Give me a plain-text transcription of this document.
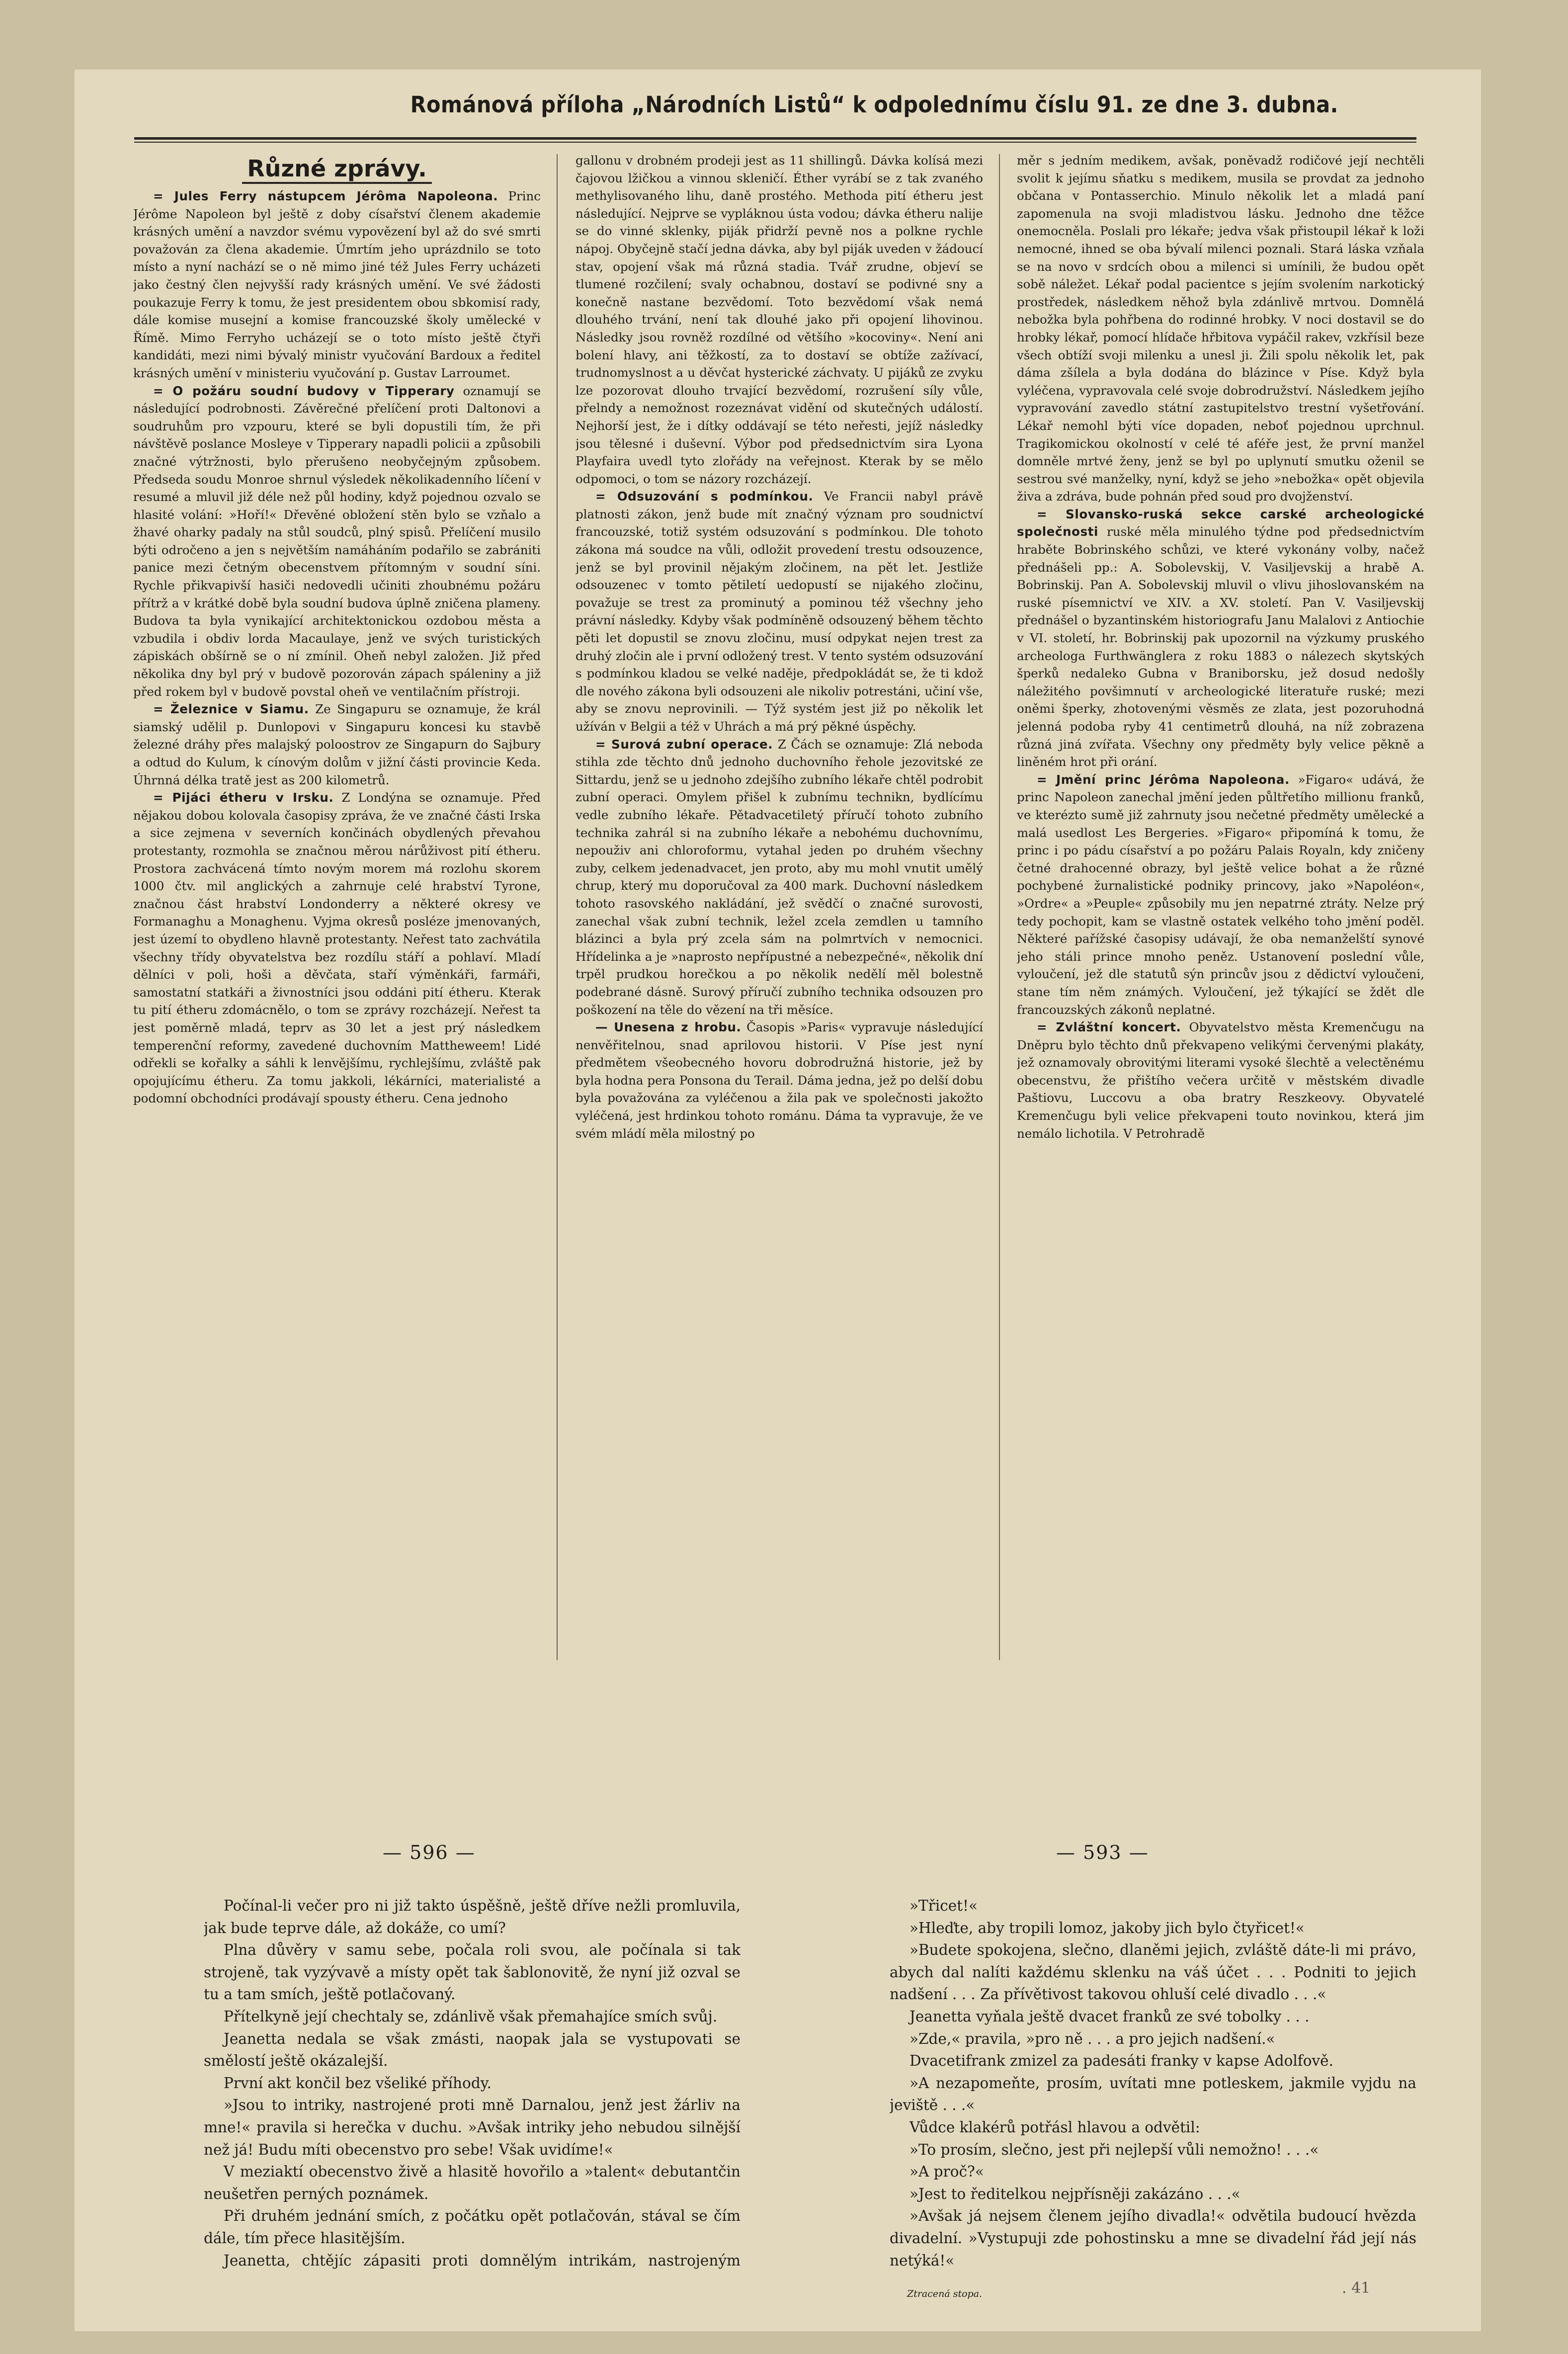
Románová příloha „Národních Listů“ k odpolednímu číslu 91. ze dne 3. dubna.
Různé zprávy.

= Jules Ferry nástupcem Jérôma Napoleona. Princ Jérôme Napoleon byl ještě z doby císařství členem akademie krásných umění a navzdor svému vypovězení byl až do své smrti považován za člena akademie. Úmrtím jeho uprázdnilo se toto místo a nyní nachází se o ně mimo jiné též Jules Ferry ucházeti jako čestný člen nejvyšší rady krásných umění. Ve své žádosti poukazuje Ferry k tomu, že jest presidentem obou sbkomisí rady, dále komise musejní a komise francouzské školy umělecké v Římě. Mimo Ferryho ucházejí se o toto místo ještě čtyři kandidáti, mezi nimi bývalý ministr vyučování Bardoux a ředitel krásných umění v ministeriu vyučování p. Gustav Larroumet.

= O požáru soudní budovy v Tipperary oznamují se následující podrobnosti. Závěrečné přelíčení proti Daltonovi a soudruhům pro vzpouru, které se byli dopustili tím, že při návštěvě poslance Mosleye v Tipperary napadli policii a způsobili značné výtržnosti, bylo přerušeno neobyčejným způsobem. Předseda soudu Monroe shrnul výsledek několikadenního líčení v resumé a mluvil již déle než půl hodiny, když pojednou ozvalo se hlasité volání: »Hoří!« Dřevěné obložení stěn bylo se vzňalo a žhavé oharky padaly na stůl soudců, plný spisů. Přelíčení musilo býti odročeno a jen s největším namáháním podařilo se zabrániti panice mezi četným obecenstvem přítomným v soudní síni. Rychle přikvapivší hasiči nedovedli učiniti zhoubnému požáru přítrž a v krátké době byla soudní budova úplně zničena plameny. Budova ta byla vynikající architektonickou ozdobou města a vzbudila i obdiv lorda Macaulaye, jenž ve svých turistických zápiskách obšírně se o ní zmínil. Oheň nebyl založen. Již před několika dny byl prý v budově pozorován zápach spáleniny a již před rokem byl v budově povstal oheň ve ventilačním přístroji.

= Železnice v Siamu. Ze Singapuru se oznamuje, že král siamský udělil p. Dunlopovi v Singapuru koncesi ku stavbě železné dráhy přes malajský poloostrov ze Singapurn do Sajbury a odtud do Kulum, k cínovým dolům v jižní části provincie Keda. Úhrnná délka tratě jest as 200 kilometrů.

= Pijáci étheru v Irsku. Z Londýna se oznamuje. Před nějakou dobou kolovala časopisy zpráva, že ve značné části Irska a sice zejmena v severních končinách obydlených převahou protestanty, rozmohla se značnou měrou nárůživost pití étheru. Prostora zachvácená tímto novým morem má rozlohu skorem 1000 čtv. mil anglických a zahrnuje celé hrabství Tyrone, značnou část hrabství Londonderry a některé okresy ve Formanaghu a Monaghenu. Vyjma okresů posléze jmenovaných, jest území to obydleno hlavně protestanty. Neřest tato zachvátila všechny třídy obyvatelstva bez rozdílu stáří a pohlaví. Mladí dělníci v poli, hoši a děvčata, staří výměnkáři, farmáři, samostatní statkáři a živnostníci jsou oddáni pití étheru. Kterak tu pití étheru zdomácnělo, o tom se zprávy rozcházejí. Neřest ta jest poměrně mladá, teprv as 30 let a jest prý následkem temperenční reformy, zavedené duchovním Mattheweem! Lidé odřekli se kořalky a sáhli k lenvějšímu, rychlejšímu, zvláště pak opojujícímu étheru. Za tomu jakkoli, lékárníci, materialisté a podomní obchodníci prodávají spousty étheru. Cena jednoho

gallonu v drobném prodeji jest as 11 shillingů. Dávka kolísá mezi čajovou lžičkou a vinnou skleničí. Éther vyrábí se z tak zvaného methylisovaného lihu, daně prostého. Methoda pití étheru jest následující. Nejprve se vypláknou ústa vodou; dávka étheru nalije se do vinné sklenky, piják přidrží pevně nos a polkne rychle nápoj. Obyčejně stačí jedna dávka, aby byl piják uveden v žádoucí stav, opojení však má různá stadia. Tvář zrudne, objeví se tlumené rozčilení; svaly ochabnou, dostaví se podivné sny a konečně nastane bezvědomí. Toto bezvědomí však nemá dlouhého trvání, není tak dlouhé jako při opojení lihovinou. Následky jsou rovněž rozdílné od většího »kocoviny«. Není ani bolení hlavy, ani těžkostí, za to dostaví se obtíže zažívací, trudnomyslnost a u děvčat hysterické záchvaty. U pijáků ze zvyku lze pozorovat dlouho trvající bezvědomí, rozrušení síly vůle, přelndy a nemožnost rozeznávat vidění od skutečných událostí. Nejhorší jest, že i dítky oddávají se této neřesti, jejíž následky jsou tělesné i duševní. Výbor pod předsednictvím sira Lyona Playfaira uvedl tyto zlořády na veřejnost. Kterak by se mělo odpomoci, o tom se názory rozcházejí.

= Odsuzování s podmínkou. Ve Francii nabyl právě platnosti zákon, jenž bude mít značný význam pro soudnictví francouzské, totiž systém odsuzování s podmínkou. Dle tohoto zákona má soudce na vůli, odložit provedení trestu odsouzence, jenž se byl provinil nějakým zločinem, na pět let. Jestliže odsouzenec v tomto pětiletí uedopustí se nijakého zločinu, považuje se trest za prominutý a pominou též všechny jeho právní následky. Kdyby však podmíněně odsouzený během těchto pěti let dopustil se znovu zločinu, musí odpykat nejen trest za druhý zločin ale i první odložený trest. V tento systém odsuzování s podmínkou kladou se velké naděje, předpokládát se, že ti kdož dle nového zákona byli odsouzeni ale nikoliv potrestáni, učiní vše, aby se znovu neprovinili. — Týž systém jest již po několik let užíván v Belgii a též v Uhrách a má prý pěkné úspěchy.

= Surová zubní operace. Z Čách se oznamuje: Zlá neboda stihla zde těchto dnů jednoho duchovního řehole jezovitské ze Sittardu, jenž se u jednoho zdejšího zubního lékaře chtěl podrobit zubní operaci. Omylem přišel k zubnímu technikn, bydlícímu vedle zubního lékaře. Pětadvacetiletý příručí tohoto zubního technika zahrál si na zubního lékaře a nebohému duchovnímu, nepouživ ani chloroformu, vytahal jeden po druhém všechny zuby, celkem jedenadvacet, jen proto, aby mu mohl vnutit umělý chrup, který mu doporučoval za 400 mark. Duchovní následkem tohoto rasovského nakládání, jež svědčí o značné surovosti, zanechal však zubní technik, ležel zcela zemdlen u tamního blázinci a byla prý zcela sám na polmrtvích v nemocnici. Hřídelinka a je »naprosto nepřípustné a nebezpečné«, několik dní trpěl prudkou horečkou a po několik nedělí měl bolestně podebrané dásně. Surový příručí zubního technika odsouzen pro poškození na těle do vězení na tři měsíce.

— Unesena z hrobu. Časopis »Paris« vypravuje následující nenvěřitelnou, snad aprilovou historii. V Píse jest nyní předmětem všeobecného hovoru dobrodružná historie, jež by byla hodna pera Ponsona du Terail. Dáma jedna, jež po delší dobu byla považována za vyléčenou a žila pak ve společnosti jakožto vyléčená, jest hrdinkou tohoto románu. Dáma ta vypravuje, že ve svém mládí měla milostný po

měr s jedním medikem, avšak, poněvadž rodičové její nechtěli svolit k jejímu sňatku s medikem, musila se provdat za jednoho občana v Pontasserchio. Minulo několik let a mladá paní zapomenula na svoji mladistvou lásku. Jednoho dne těžce onemocněla. Poslali pro lékaře; jedva však přistoupil lékař k loži nemocné, ihned se oba bývalí milenci poznali. Stará láska vzňala se na novo v srdcích obou a milenci si umínili, že budou opět sobě náležet. Lékař podal pacientce s jejím svolením narkotický prostředek, následkem něhož byla zdánlivě mrtvou. Domnělá nebožka byla pohřbena do rodinné hrobky. V noci dostavil se do hrobky lékař, pomocí hlídače hřbitova vypáčil rakev, vzkřísil beze všech obtíží svoji milenku a unesl ji. Žili spolu několik let, pak dáma zšílela a byla dodána do blázince v Píse. Když byla vyléčena, vypravovala celé svoje dobrodružství. Následkem jejího vypravování zavedlo státní zastupitelstvo trestní vyšetřování. Lékař nemohl býti více dopaden, neboť pojednou uprchnul. Tragikomickou okolností v celé té aféře jest, že první manžel domněle mrtvé ženy, jenž se byl po uplynutí smutku oženil se sestrou své manželky, nyní, když se jeho »nebožka« opět objevila živa a zdráva, bude pohnán před soud pro dvojženství.

= Slovansko-ruská sekce carské archeologické společnosti ruské měla minulého týdne pod předsednictvím hraběte Bobrinského schůzi, ve které vykonány volby, načež přednášeli pp.: A. Sobolevskij, V. Vasiljevskij a hrabě A. Bobrinskij. Pan A. Sobolevskij mluvil o vlivu jihoslovanském na ruské písemnictví ve XIV. a XV. století. Pan V. Vasiljevskij přednášel o byzantinském historiografu Janu Malalovi z Antiochie v VI. století, hr. Bobrinskij pak upozornil na výzkumy pruského archeologa Furthwänglera z roku 1883 o nálezech skytských šperků nedaleko Gubna v Braniborsku, jež dosud nedošly náležitého povšimnutí v archeologické literatuře ruské; mezi oněmi šperky, zhotovenými věsměs ze zlata, jest pozoruhodná jelenná podoba ryby 41 centimetrů dlouhá, na níž zobrazena různá jiná zvířata. Všechny ony předměty byly velice pěkně a liněném hrot při orání.

= Jmění princ Jérôma Napoleona. »Figaro« udává, že princ Napoleon zanechal jmění jeden půltřetího millionu franků, ve kterézto sumě již zahrnuty jsou nečetné předměty umělecké a malá usedlost Les Bergeries. »Figaro« připomíná k tomu, že princ i po pádu císařství a po požáru Palais Royaln, kdy zničeny četné drahocenné obrazy, byl ještě velice bohat a že různé pochybené žurnalistické podniky princovy, jako »Napoléon«, »Ordre« a »Peuple« způsobily mu jen nepatrné ztráty. Nelze prý tedy pochopit, kam se vlastně ostatek velkého toho jmění poděl. Některé pařížské časopisy udávají, že oba nemanželští synové jeho stáli prince mnoho peněz. Ustanovení poslední vůle, vyloučení, jež dle statutů sýn princův jsou z dědictví vyloučeni, stane tím něm známých. Vyloučení, jež týkající se ždět dle francouzských zákonů neplatné.

= Zvláštní koncert. Obyvatelstvo města Kremenčugu na Dněpru bylo těchto dnů překvapeno velikými červenými plakáty, jež oznamovaly obrovitými literami vysoké šlechtě a velectěnému obecenstvu, že přištího večera určitě v městském divadle Paštiovu, Luccovu a oba bratry Reszkeovy. Obyvatelé Kremenčugu byli velice překvapeni touto novinkou, která jim nemálo lichotila. V Petrohradě

— 596 —	— 593 —

Počínal-li večer pro ni již takto úspěšně, ještě dříve nežli promluvila, jak bude teprve dále, až dokáže, co umí?

Plna důvěry v samu sebe, počala roli svou, ale počínala si tak strojeně, tak vyzývavě a místy opět tak šablonovitě, že nyní již ozval se tu a tam smích, ještě potlačovaný.

Přítelkyně její chechtaly se, zdánlivě však přemahajíce smích svůj.

Jeanetta nedala se však zmásti, naopak jala se vystupovati se smělostí ještě okázalejší.

První akt končil bez všeliké příhody.

»Jsou to intriky, nastrojené proti mně Darnalou, jenž jest žárliv na mne!« pravila si herečka v duchu. »Avšak intriky jeho nebudou silnější než já! Budu míti obecenstvo pro sebe! Však uvidíme!«

V meziaktí obecenstvo živě a hlasitě hovořilo a »talent« debutantčin neušetřen perných poznámek.

Při druhém jednání smích, z počátku opět potlačován, stával se čím dále, tím přece hlasitějším.

Jeanetta, chtějíc zápasiti proti domnělým intrikám, nastrojeným

»Třicet!«

»Hleďte, aby tropili lomoz, jakoby jich bylo čtyřicet!«

»Budete spokojena, slečno, dlaněmi jejich, zvláště dáte-li mi právo, abych dal nalíti každému sklenku na váš účet . . . Podniti to jejich nadšení . . . Za přívětivost takovou ohluší celé divadlo . . .«

Jeanetta vyňala ještě dvacet franků ze své tobolky . . .

»Zde,« pravila, »pro ně . . . a pro jejich nadšení.«

Dvacetifrank zmizel za padesáti franky v kapse Adolfově.

»A nezapomeňte, prosím, uvítati mne potleskem, jakmile vyjdu na jeviště . . .«

Vůdce klakérů potřásl hlavou a odvětil:

»To prosím, slečno, jest při nejlepší vůli nemožno! . . .«

»A proč?«

»Jest to ředitelkou nejpřísněji zakázáno . . .«

»Avšak já nejsem členem jejího divadla!« odvětila budoucí hvězda divadelní. »Vystupuji zde pohostinsku a mne se divadelní řád její nás netýká!«

Ztracená stopa.	. 41
